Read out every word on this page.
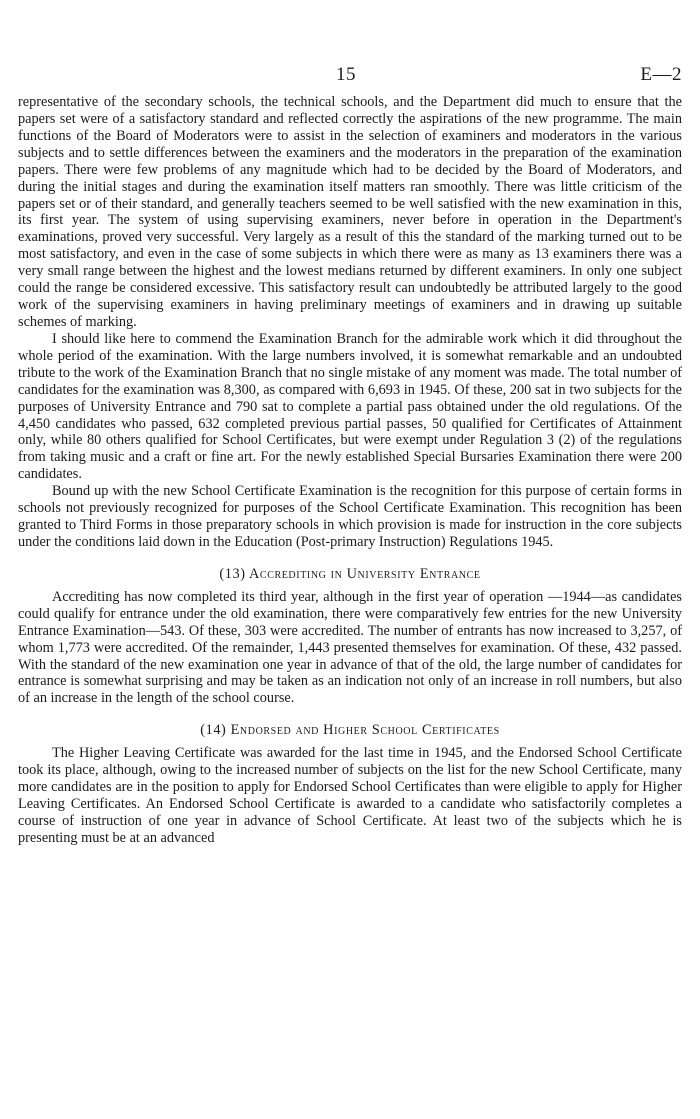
15	E—2

representative of the secondary schools, the technical schools, and the Department did much to ensure that the papers set were of a satisfactory standard and reflected correctly the aspirations of the new programme. The main functions of the Board of Moderators were to assist in the selection of examiners and moderators in the various subjects and to settle differences between the examiners and the moderators in the preparation of the examination papers. There were few problems of any magnitude which had to be decided by the Board of Moderators, and during the initial stages and during the examination itself matters ran smoothly. There was little criticism of the papers set or of their standard, and generally teachers seemed to be well satisfied with the new examination in this, its first year. The system of using supervising examiners, never before in operation in the Department's examinations, proved very successful. Very largely as a result of this the standard of the marking turned out to be most satisfactory, and even in the case of some subjects in which there were as many as 13 examiners there was a very small range between the highest and the lowest medians returned by different examiners. In only one subject could the range be considered excessive. This satisfactory result can undoubtedly be attributed largely to the good work of the supervising examiners in having preliminary meetings of examiners and in drawing up suitable schemes of marking.

I should like here to commend the Examination Branch for the admirable work which it did throughout the whole period of the examination. With the large numbers involved, it is somewhat remarkable and an undoubted tribute to the work of the Examination Branch that no single mistake of any moment was made. The total number of candidates for the examination was 8,300, as compared with 6,693 in 1945. Of these, 200 sat in two subjects for the purposes of University Entrance and 790 sat to complete a partial pass obtained under the old regulations. Of the 4,450 candidates who passed, 632 completed previous partial passes, 50 qualified for Certificates of Attainment only, while 80 others qualified for School Certificates, but were exempt under Regulation 3 (2) of the regulations from taking music and a craft or fine art. For the newly established Special Bursaries Examination there were 200 candidates.

Bound up with the new School Certificate Examination is the recognition for this purpose of certain forms in schools not previously recognized for purposes of the School Certificate Examination. This recognition has been granted to Third Forms in those preparatory schools in which provision is made for instruction in the core subjects under the conditions laid down in the Education (Post-primary Instruction) Regulations 1945.

(13) Accrediting in University Entrance

Accrediting has now completed its third year, although in the first year of operation —1944—as candidates could qualify for entrance under the old examination, there were comparatively few entries for the new University Entrance Examination—543. Of these, 303 were accredited. The number of entrants has now increased to 3,257, of whom 1,773 were accredited. Of the remainder, 1,443 presented themselves for examination. Of these, 432 passed. With the standard of the new examination one year in advance of that of the old, the large number of candidates for entrance is somewhat surprising and may be taken as an indication not only of an increase in roll numbers, but also of an increase in the length of the school course.

(14) Endorsed and Higher School Certificates

The Higher Leaving Certificate was awarded for the last time in 1945, and the Endorsed School Certificate took its place, although, owing to the increased number of subjects on the list for the new School Certificate, many more candidates are in the position to apply for Endorsed School Certificates than were eligible to apply for Higher Leaving Certificates. An Endorsed School Certificate is awarded to a candidate who satisfactorily completes a course of instruction of one year in advance of School Certificate. At least two of the subjects which he is presenting must be at an advanced
